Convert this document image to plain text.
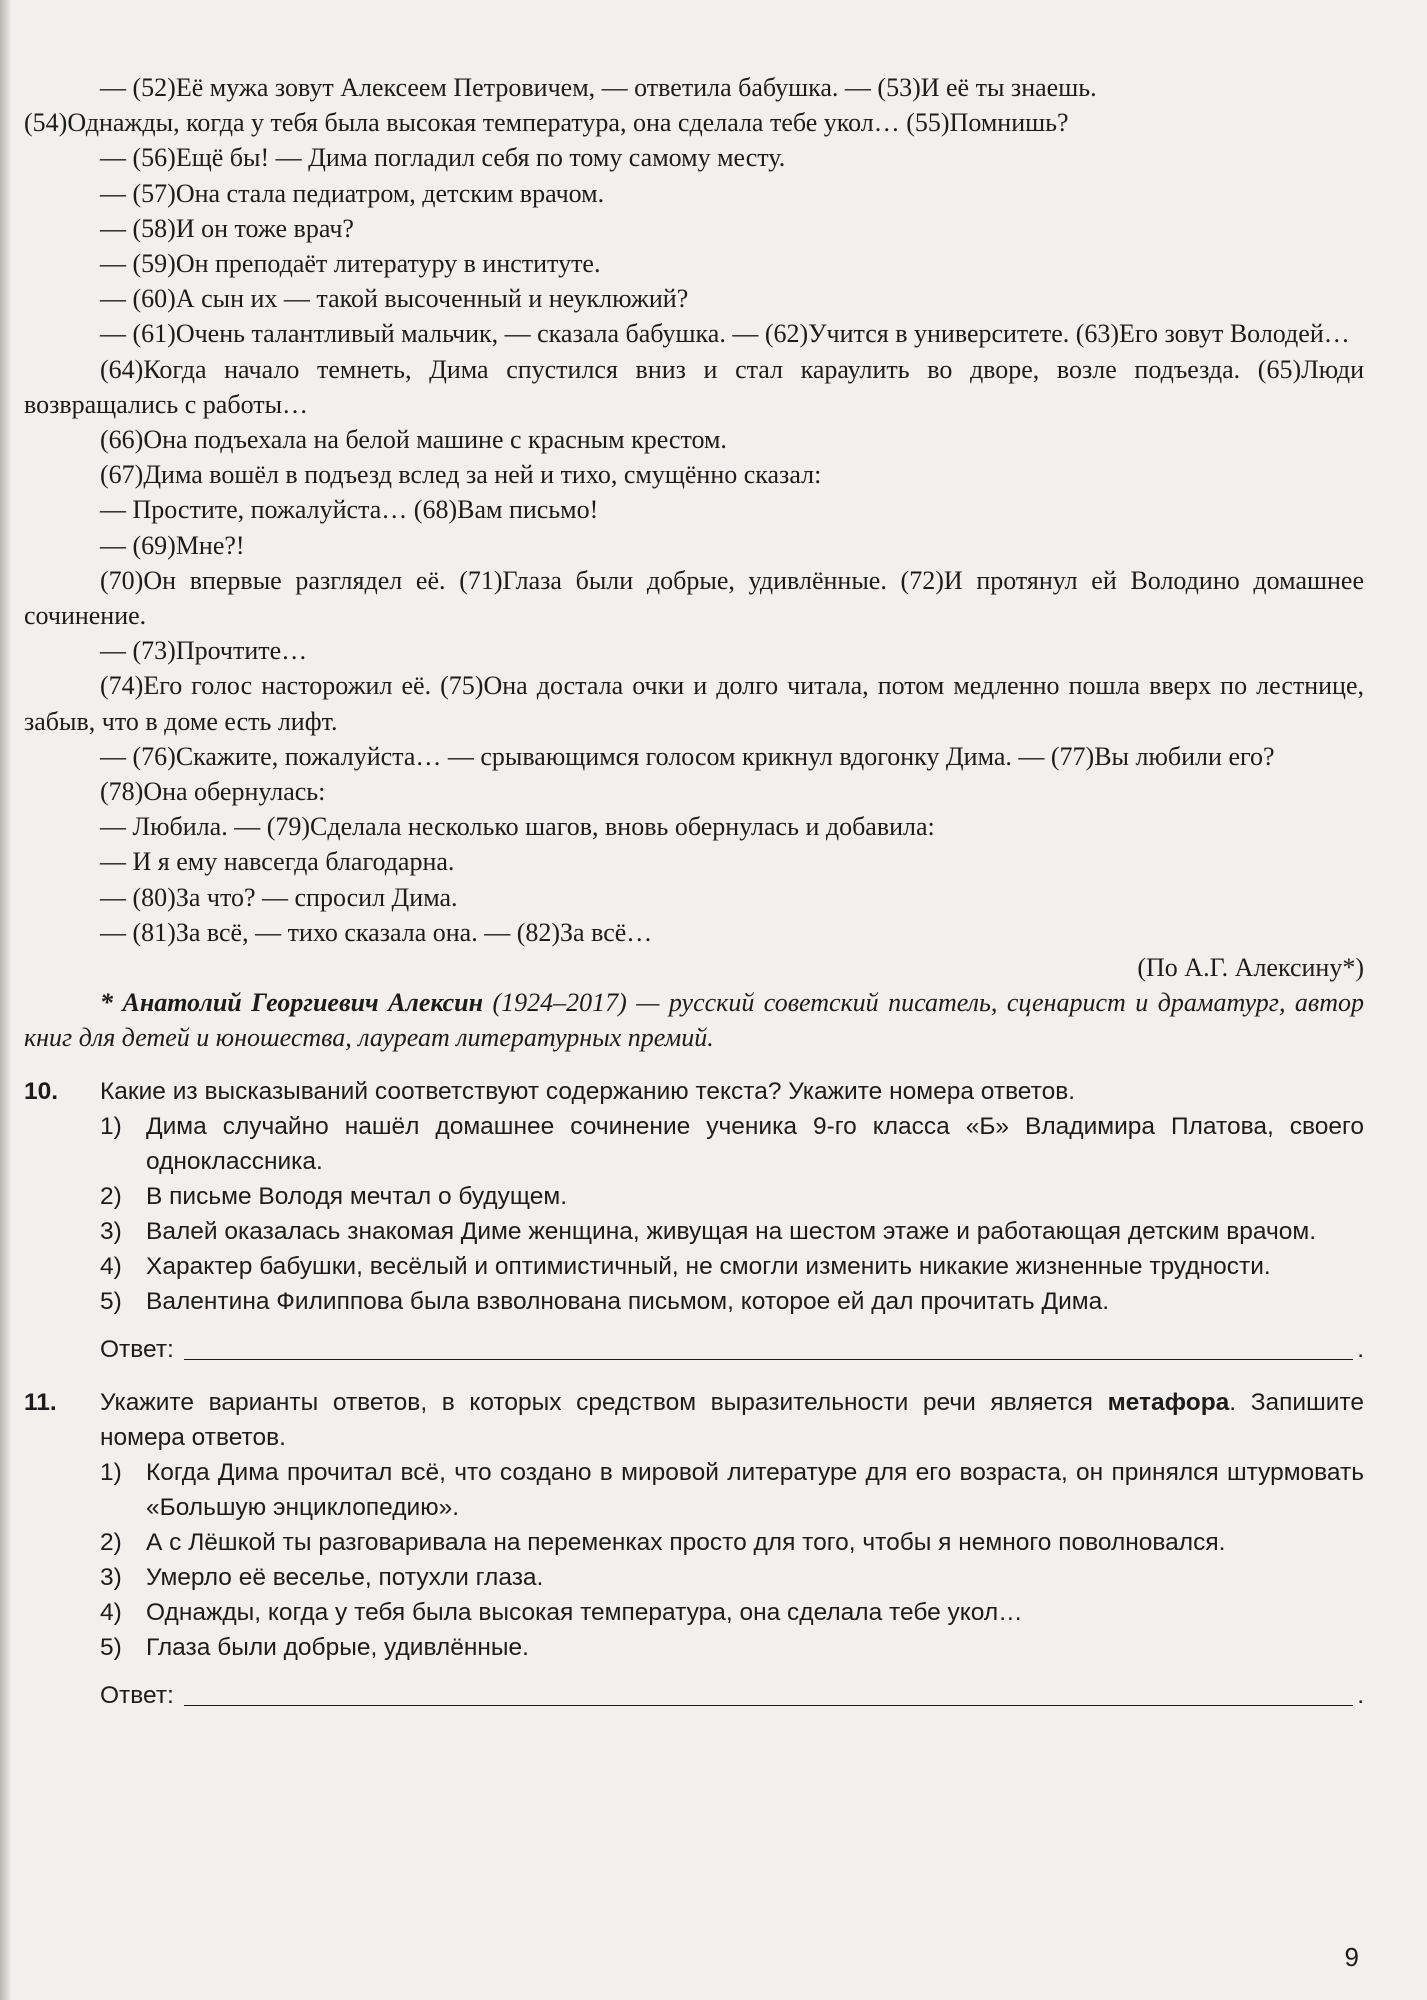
— (52)Её мужа зовут Алексеем Петровичем, — ответила бабушка. — (53)И её ты знаешь.

(54)Однажды, когда у тебя была высокая температура, она сделала тебе укол… (55)Помнишь?

— (56)Ещё бы! — Дима погладил себя по тому самому месту.

— (57)Она стала педиатром, детским врачом.

— (58)И он тоже врач?

— (59)Он преподаёт литературу в институте.

— (60)А сын их — такой высоченный и неуклюжий?

— (61)Очень талантливый мальчик, — сказала бабушка. — (62)Учится в университете. (63)Его зовут Володей…

(64)Когда начало темнеть, Дима спустился вниз и стал караулить во дворе, возле подъезда. (65)Люди возвращались с работы…

(66)Она подъехала на белой машине с красным крестом.

(67)Дима вошёл в подъезд вслед за ней и тихо, смущённо сказал:

— Простите, пожалуйста… (68)Вам письмо!

— (69)Мне?!

(70)Он впервые разглядел её. (71)Глаза были добрые, удивлённые. (72)И протянул ей Володино домашнее сочинение.

— (73)Прочтите…

(74)Его голос насторожил её. (75)Она достала очки и долго читала, потом медленно пошла вверх по лестнице, забыв, что в доме есть лифт.

— (76)Скажите, пожалуйста… — срывающимся голосом крикнул вдогонку Дима. — (77)Вы любили его?

(78)Она обернулась:

— Любила. — (79)Сделала несколько шагов, вновь обернулась и добавила:

— И я ему навсегда благодарна.

— (80)За что? — спросил Дима.

— (81)За всё, — тихо сказала она. — (82)За всё…

(По А.Г. Алексину*)

* Анатолий Георгиевич Алексин (1924–2017) — русский советский писатель, сценарист и драматург, автор книг для детей и юношества, лауреат литературных премий.

10. Какие из высказываний соответствуют содержанию текста? Укажите номера ответов.

1) Дима случайно нашёл домашнее сочинение ученика 9-го класса «Б» Владимира Платова, своего одноклассника.
2) В письме Володя мечтал о будущем.
3) Валей оказалась знакомая Диме женщина, живущая на шестом этаже и работающая детским врачом.
4) Характер бабушки, весёлый и оптимистичный, не смогли изменить никакие жизненные трудности.
5) Валентина Филиппова была взволнована письмом, которое ей дал прочитать Дима.
Ответ:	.
11. Укажите варианты ответов, в которых средством выразительности речи является метафора. Запишите номера ответов.

1) Когда Дима прочитал всё, что создано в мировой литературе для его возраста, он принялся штурмовать «Большую энциклопедию».
2) А с Лёшкой ты разговаривала на переменках просто для того, чтобы я немного поволновался.
3) Умерло её веселье, потухли глаза.
4) Однажды, когда у тебя была высокая температура, она сделала тебе укол…
5) Глаза были добрые, удивлённые.
Ответ:	.
9
